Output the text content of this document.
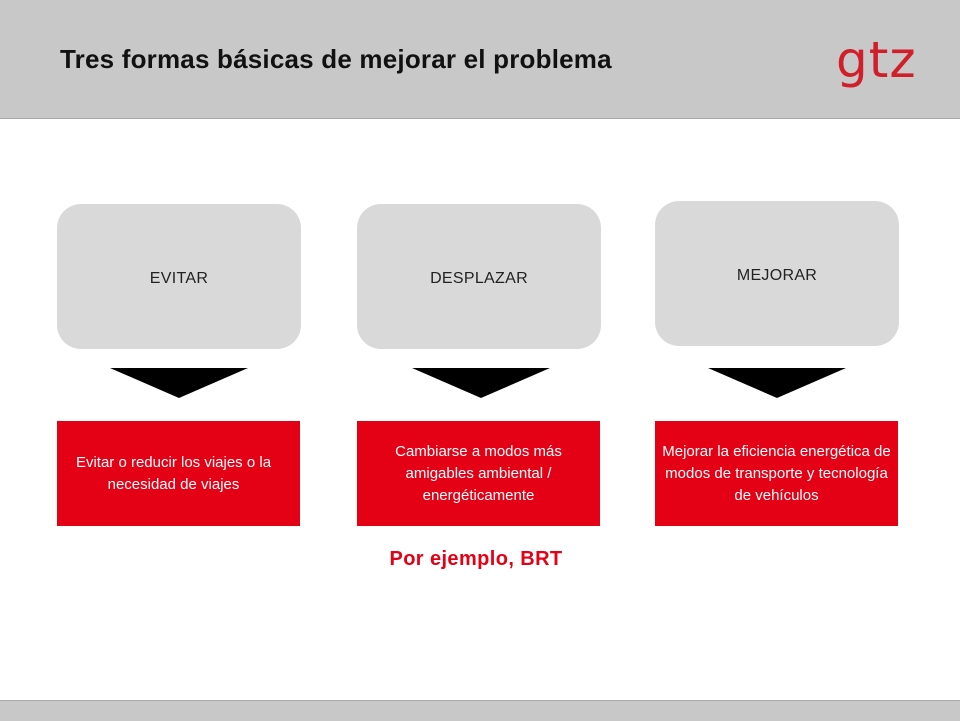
Tres formas básicas de mejorar el problema	gtz
EVITAR
Evitar o reducir los viajes o la necesidad de viajes
DESPLAZAR
Cambiarse a modos más amigables ambiental / energéticamente
MEJORAR
Mejorar la eficiencia energética de modos de transporte y tecnología de vehículos
Por ejemplo, BRT
